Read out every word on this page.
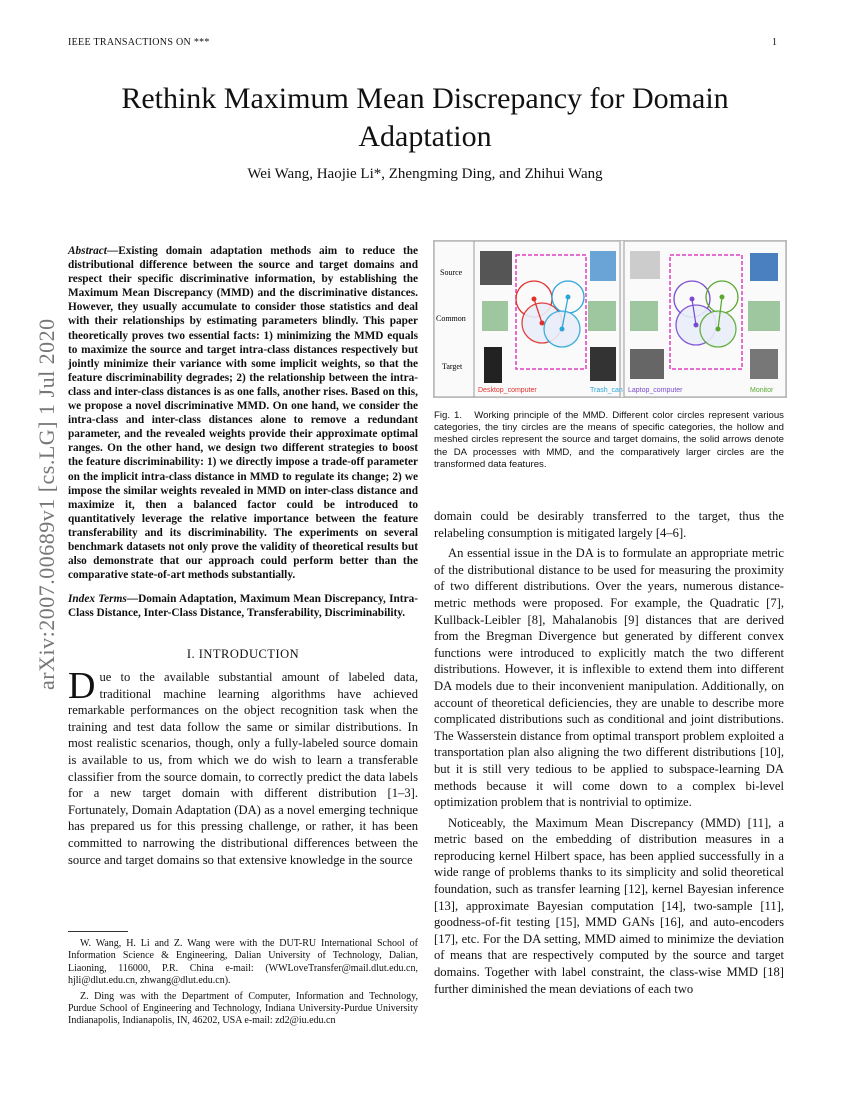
IEEE TRANSACTIONS ON ***	1
Rethink Maximum Mean Discrepancy for Domain Adaptation
Wei Wang, Haojie Li*, Zhengming Ding, and Zhihui Wang
arXiv:2007.00689v1 [cs.LG] 1 Jul 2020
Abstract—Existing domain adaptation methods aim to reduce the distributional difference between the source and target domains and respect their specific discriminative information, by establishing the Maximum Mean Discrepancy (MMD) and the discriminative distances. However, they usually accumulate to consider those statistics and deal with their relationships by estimating parameters blindly. This paper theoretically proves two essential facts: 1) minimizing the MMD equals to maximize the source and target intra-class distances respectively but jointly minimize their variance with some implicit weights, so that the feature discriminability degrades; 2) the relationship between the intra-class and inter-class distances is as one falls, another rises. Based on this, we propose a novel discriminative MMD. On one hand, we consider the intra-class and inter-class distances alone to remove a redundant parameter, and the revealed weights provide their approximate optimal ranges. On the other hand, we design two different strategies to boost the feature discriminability: 1) we directly impose a trade-off parameter on the implicit intra-class distance in MMD to regulate its change; 2) we impose the similar weights revealed in MMD on inter-class distance and maximize it, then a balanced factor could be introduced to quantitatively leverage the relative importance between the feature transferability and its discriminability. The experiments on several benchmark datasets not only prove the validity of theoretical results but also demonstrate that our approach could perform better than the comparative state-of-art methods substantially.
Index Terms—Domain Adaptation, Maximum Mean Discrepancy, Intra-Class Distance, Inter-Class Distance, Transferability, Discriminability.
I. INTRODUCTION

Due to the available substantial amount of labeled data, traditional machine learning algorithms have achieved remarkable performances on the object recognition task when the training and test data follow the same or similar distributions. In most realistic scenarios, though, only a fully-labeled source domain is available to us, from which we do wish to learn a transferable classifier from the source domain, to correctly predict the data labels for a new target domain with different distribution [1–3]. Fortunately, Domain Adaptation (DA) as a novel emerging technique has prepared us for this pressing challenge, or rather, it has been committed to narrowing the distributional differences between the source and target domains so that extensive knowledge in the source

W. Wang, H. Li and Z. Wang were with the DUT-RU International School of Information Science & Engineering, Dalian University of Technology, Dalian, Liaoning, 116000, P.R. China e-mail: (WWLoveTransfer@mail.dlut.edu.cn, hjli@dlut.edu.cn, zhwang@dlut.edu.cn).
Z. Ding was with the Department of Computer, Information and Technology, Purdue School of Engineering and Technology, Indiana University-Purdue University Indianapolis, Indianapolis, IN, 46202, USA e-mail: zd2@iu.edu.cn
Source
Common
Target
Desktop_computer	Trash_can Laptop_computer	Monitor
Fig. 1. Working principle of the MMD. Different color circles represent various categories, the tiny circles are the means of specific categories, the hollow and meshed circles represent the source and target domains, the solid arrows denote the DA processes with MMD, and the comparatively larger circles are the transformed data features.

domain could be desirably transferred to the target, thus the relabeling consumption is mitigated largely [4–6].

An essential issue in the DA is to formulate an appropriate metric of the distributional distance to be used for measuring the proximity of two different distributions. Over the years, numerous distance-metric methods were proposed. For example, the Quadratic [7], Kullback-Leibler [8], Mahalanobis [9] distances that are derived from the Bregman Divergence but generated by different convex functions were introduced to explicitly match the two different distributions. However, it is inflexible to extend them into different DA models due to their inconvenient manipulation. Additionally, on account of theoretical deficiencies, they are unable to describe more complicated distributions such as conditional and joint distributions. The Wasserstein distance from optimal transport problem exploited a transportation plan also aligning the two different distributions [10], but it is still very tedious to be applied to subspace-learning DA methods because it will come down to a complex bi-level optimization problem that is nontrivial to optimize.

Noticeably, the Maximum Mean Discrepancy (MMD) [11], a metric based on the embedding of distribution measures in a reproducing kernel Hilbert space, has been applied successfully in a wide range of problems thanks to its simplicity and solid theoretical foundation, such as transfer learning [12], kernel Bayesian inference [13], approximate Bayesian computation [14], two-sample [11], goodness-of-fit testing [15], MMD GANs [16], and auto-encoders [17], etc. For the DA setting, MMD aimed to minimize the deviation of means that are respectively computed by the source and target domains. Together with label constraint, the class-wise MMD [18] further diminished the mean deviations of each two
